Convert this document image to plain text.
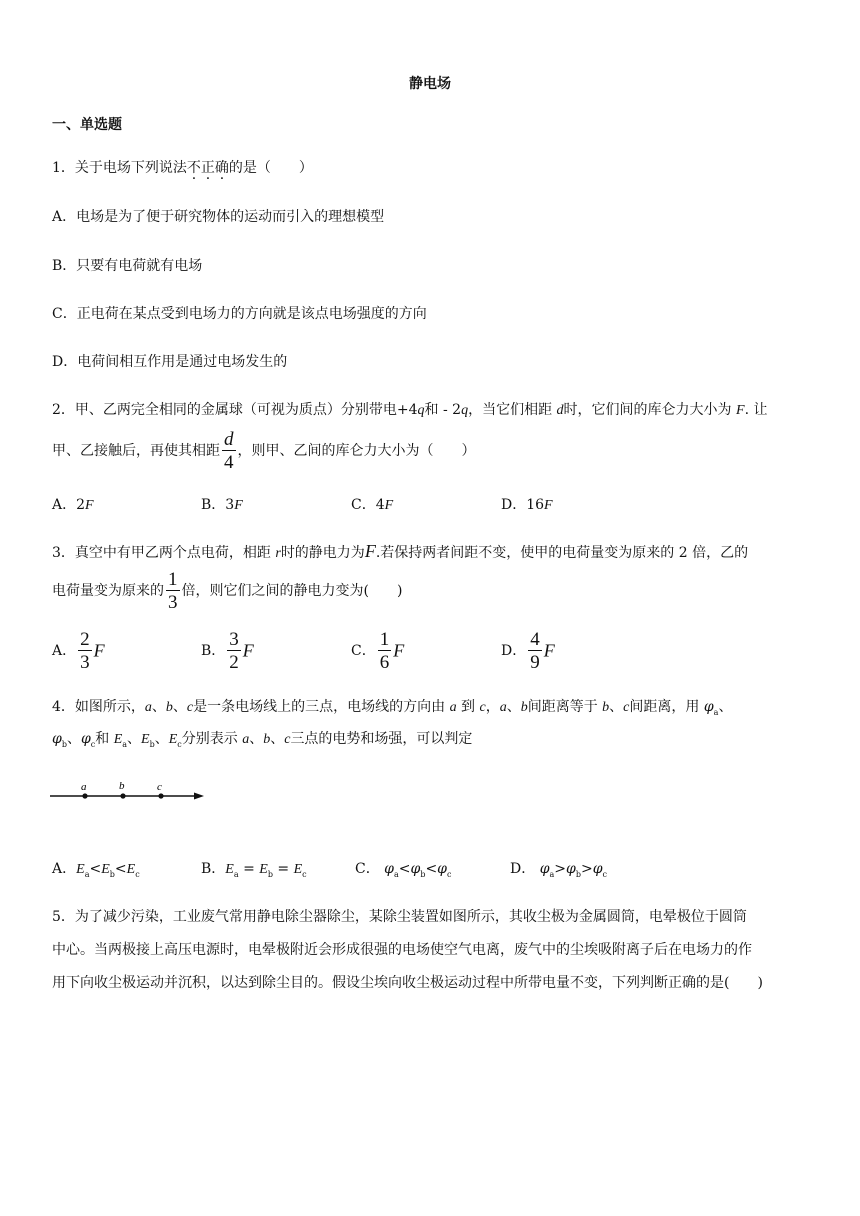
静电场
一、单选题
1．关于电场下列说法不正确的是（　　）
A．电场是为了便于研究物体的运动而引入的理想模型
B．只要有电荷就有电场
C．正电荷在某点受到电场力的方向就是该点电场强度的方向
D．电荷间相互作用是通过电场发生的
2．甲、乙两完全相同的金属球（可视为质点）分别带电+4q和 - 2q，当它们相距 d时，它们间的库仑力大小为 F. 让
甲、乙接触后，再使其相距 $\frac{d}{4}$ ，则甲、乙间的库仑力大小为（　　）
A．2F	B．3F	C．4F	D．16F
3．真空中有甲乙两个点电荷，相距 r时的静电力为F.若保持两者间距不变，使甲的电荷量变为原来的 2 倍，乙的
电荷量变为原来的 $\frac{1}{3}$ 倍，则它们之间的静电力变为(　　)
A． $\frac{2}{3}$ F	B． $\frac{3}{2}$ F	C． $\frac{1}{6}$ F	D． $\frac{4}{9}$ F
4．如图所示，a、b、c是一条电场线上的三点，电场线的方向由 a 到 c，a、b间距离等于 b、c间距离，用 $\varphi_a$、
$\varphi_b$、$\varphi_c$和 $E_a$、$E_b$、$E_c$分别表示 a、b、c三点的电势和场强，可以判定
a	b	c
A．$E_a<E_b<E_c$	B．$E_a = E_b = E_c$	C． $\varphi_a<\varphi_b<\varphi_c$	D． $\varphi_a>\varphi_b>\varphi_c$
5．为了减少污染，工业废气常用静电除尘器除尘，某除尘装置如图所示，其收尘极为金属圆筒，电晕极位于圆筒
中心。当两极接上高压电源时，电晕极附近会形成很强的电场使空气电离，废气中的尘埃吸附离子后在电场力的作
用下向收尘极运动并沉积，以达到除尘目的。假设尘埃向收尘极运动过程中所带电量不变，下列判断正确的是(　　)
